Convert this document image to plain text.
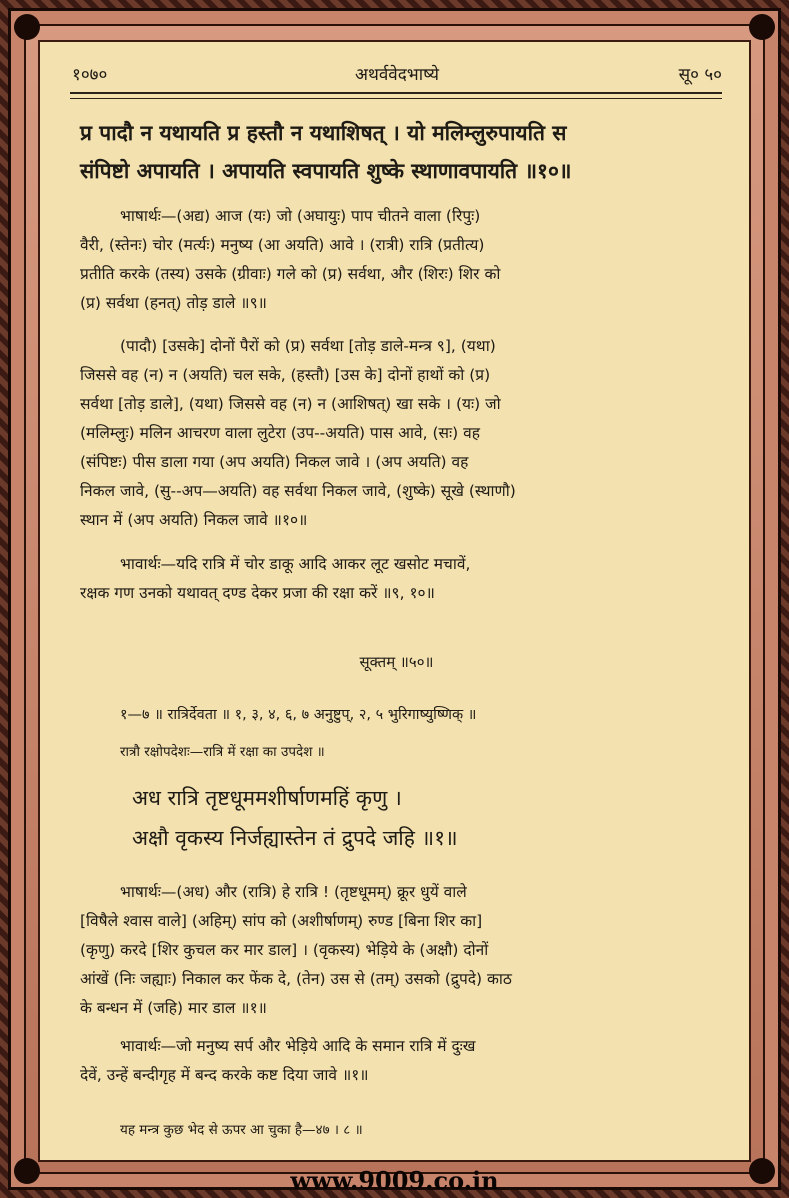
१०७०	अथर्ववेदभाष्ये	सू० ५०
प्र पादौ न यथायति प्र हस्तौ न यथाशिषत् । यो मलिम्लुरुपायति स
संपिष्टो अपायति । अपायति स्वपायति शुष्के स्थाणावपायति ॥१०॥
भाषार्थः—(अद्य) आज (यः) जो (अघायुः) पाप चीतने वाला (रिपुः)
वैरी, (स्तेनः) चोर (मर्त्यः) मनुष्य (आ अयति) आवे । (रात्री) रात्रि (प्रतीत्य)
प्रतीति करके (तस्य) उसके (ग्रीवाः) गले को (प्र) सर्वथा, और (शिरः) शिर को
(प्र) सर्वथा (हनत्) तोड़ डाले ॥९॥
(पादौ) [उसके] दोनों पैरों को (प्र) सर्वथा [तोड़ डाले-मन्त्र ९], (यथा)
जिससे वह (न) न (अयति) चल सके, (हस्तौ) [उस के] दोनों हाथों को (प्र)
सर्वथा [तोड़ डाले], (यथा) जिससे वह (न) न (आशिषत्) खा सके । (यः) जो
(मलिम्लुः) मलिन आचरण वाला लुटेरा (उप--अयति) पास आवे, (सः) वह
(संपिष्टः) पीस डाला गया (अप अयति) निकल जावे । (अप अयति) वह
निकल जावे, (सु--अप—अयति) वह सर्वथा निकल जावे, (शुष्के) सूखे (स्थाणौ)
स्थान में (अप अयति) निकल जावे ॥१०॥
भावार्थः—यदि रात्रि में चोर डाकू आदि आकर लूट खसोट मचावें,
रक्षक गण उनको यथावत् दण्ड देकर प्रजा की रक्षा करें ॥९, १०॥
सूक्तम् ॥५०॥
१—७ ॥ रात्रिर्देवता ॥ १, ३, ४, ६, ७ अनुष्टुप्, २, ५ भुरिगाष्युष्णिक् ॥
रात्रौ रक्षोपदेशः—रात्रि में रक्षा का उपदेश ॥
अध रात्रि तृष्टधूममशीर्षाणमहिं कृणु ।
अक्षौ वृकस्य निर्जह्यास्तेन तं द्रुपदे जहि ॥१॥
भाषार्थः—(अध) और (रात्रि) हे रात्रि ! (तृष्टधूमम्) क्रूर धुयें वाले
[विषैले श्वास वाले] (अहिम्) सांप को (अशीर्षाणम्) रुण्ड [बिना शिर का]
(कृणु) करदे [शिर कुचल कर मार डाल] । (वृकस्य) भेड़िये के (अक्षौ) दोनों
आंखें (निः जह्याः) निकाल कर फेंक दे, (तेन) उस से (तम्) उसको (द्रुपदे) काठ
के बन्धन में (जहि) मार डाल ॥१॥
भावार्थः—जो मनुष्य सर्प और भेड़िये आदि के समान रात्रि में दुःख
देवें, उन्हें बन्दीगृह में बन्द करके कष्ट दिया जावे ॥१॥
यह मन्त्र कुछ भेद से ऊपर आ चुका है—४७ । ८ ॥
www.9009.co.in
